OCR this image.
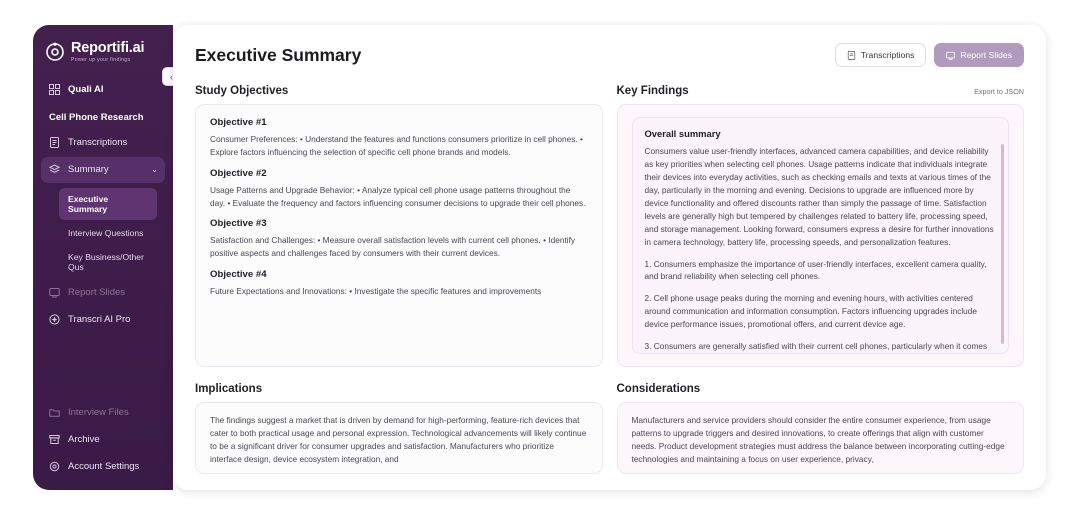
Reportifi.ai
Power up your findings
‹
Quali AI
Cell Phone Research
Transcriptions
Summary	⌄
Executive Summary
Interview Questions
Key Business/Other Qus
Report Slides
Transcri AI Pro
Interview Files
Archive
Account Settings
Executive Summary	Transcriptions	Report Slides
Study Objectives
Objective #1

Consumer Preferences: • Understand the features and functions consumers prioritize in cell phones. • Explore factors influencing the selection of specific cell phone brands and models.

Objective #2

Usage Patterns and Upgrade Behavior: • Analyze typical cell phone usage patterns throughout the day. • Evaluate the frequency and factors influencing consumer decisions to upgrade their cell phones.

Objective #3

Satisfaction and Challenges: • Measure overall satisfaction levels with current cell phones. • Identify positive aspects and challenges faced by consumers with their current devices.

Objective #4

Future Expectations and Innovations: • Investigate the specific features and improvements

Key Findings	Export to JSON
Overall summary

Consumers value user-friendly interfaces, advanced camera capabilities, and device reliability as key priorities when selecting cell phones. Usage patterns indicate that individuals integrate their devices into everyday activities, such as checking emails and texts at various times of the day, particularly in the morning and evening. Decisions to upgrade are influenced more by device functionality and offered discounts rather than simply the passage of time. Satisfaction levels are generally high but tempered by challenges related to battery life, processing speed, and storage management. Looking forward, consumers express a desire for further innovations in camera technology, battery life, processing speeds, and personalization features.

1. Consumers emphasize the importance of user-friendly interfaces, excellent camera quality, and brand reliability when selecting cell phones.

2. Cell phone usage peaks during the morning and evening hours, with activities centered around communication and information consumption. Factors influencing upgrades include device performance issues, promotional offers, and current device age.

3. Consumers are generally satisfied with their current cell phones, particularly when it comes

Implications

The findings suggest a market that is driven by demand for high-performing, feature-rich devices that cater to both practical usage and personal expression. Technological advancements will likely continue to be a significant driver for consumer upgrades and satisfaction. Manufacturers who prioritize interface design, device ecosystem integration, and

Considerations

Manufacturers and service providers should consider the entire consumer experience, from usage patterns to upgrade triggers and desired innovations, to create offerings that align with customer needs. Product development strategies must address the balance between incorporating cutting-edge technologies and maintaining a focus on user experience, privacy,
